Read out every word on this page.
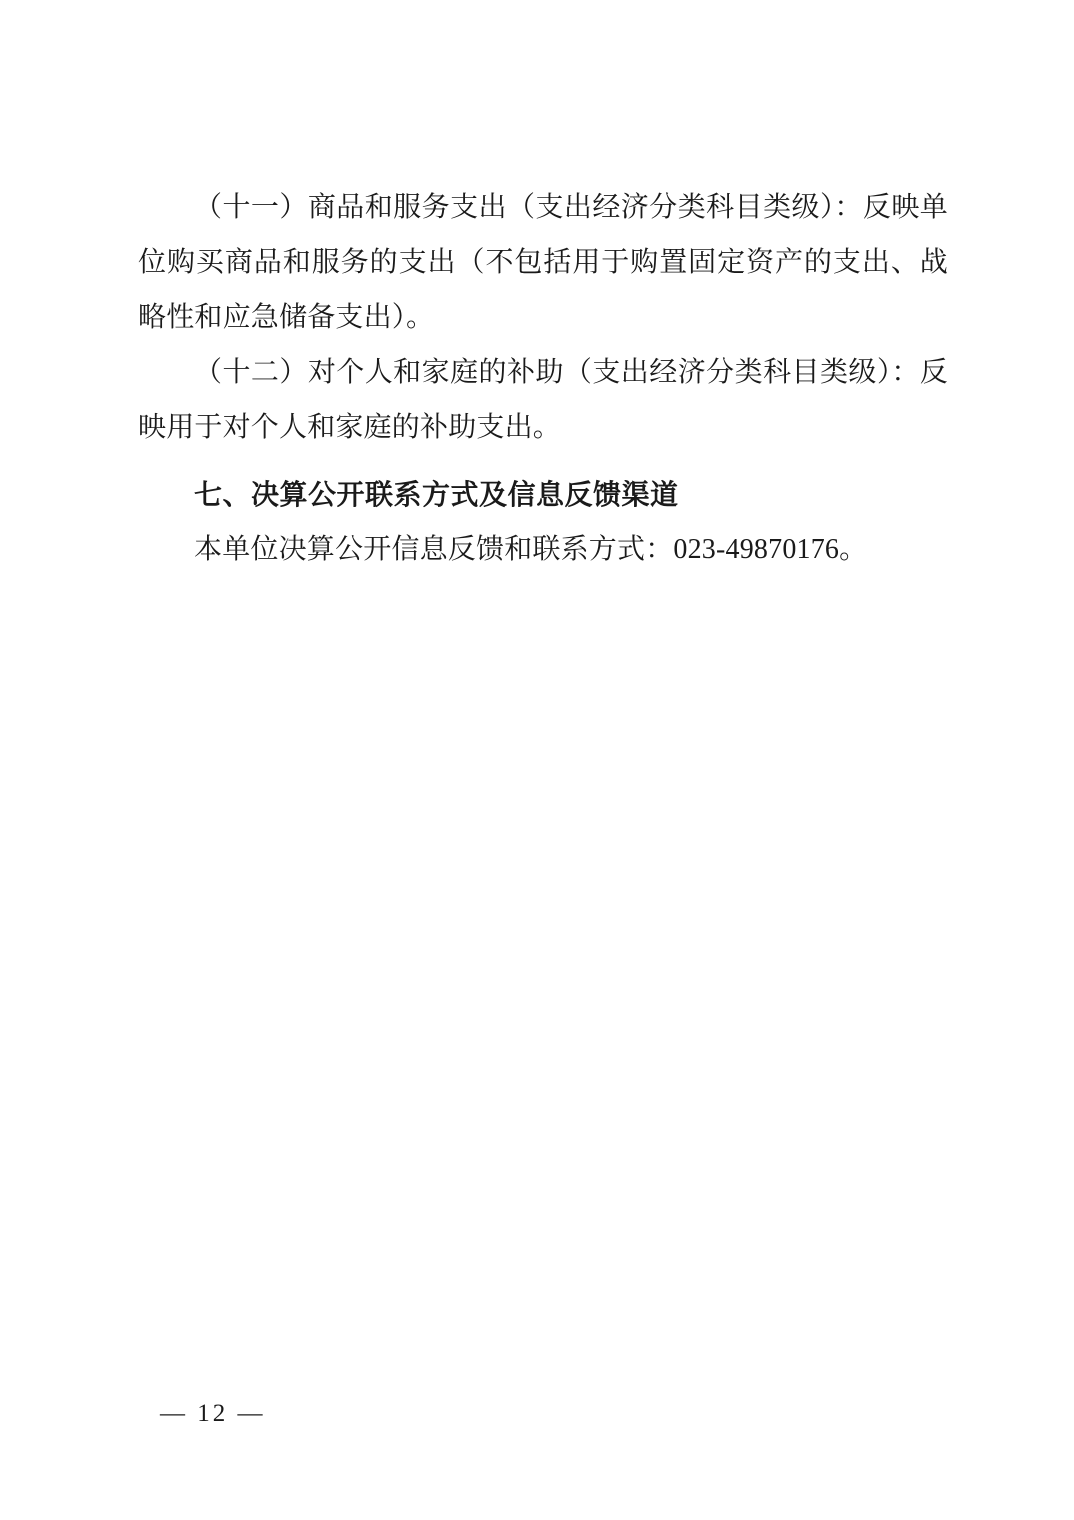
（十一）商品和服务支出（支出经济分类科目类级）：反映单位购买商品和服务的支出（不包括用于购置固定资产的支出、战略性和应急储备支出）。

（十二）对个人和家庭的补助（支出经济分类科目类级）：反映用于对个人和家庭的补助支出。

七、决算公开联系方式及信息反馈渠道

本单位决算公开信息反馈和联系方式：023-49870176。

— 12 —
